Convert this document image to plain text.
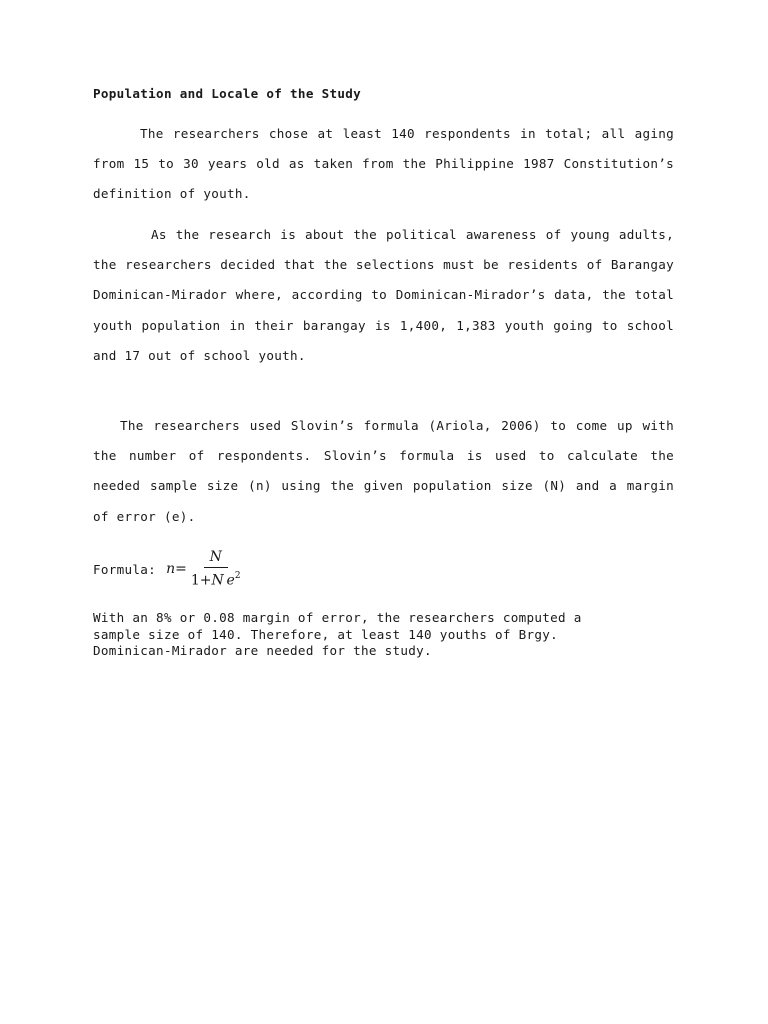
Population and Locale of the Study
The researchers chose at least 140 respondents in total; all aging from 15 to 30 years old as taken from the Philippine 1987 Constitution’s definition of youth.
As the research is about the political awareness of young adults, the researchers decided that the selections must be residents of Barangay Dominican-Mirador where, according to Dominican-Mirador’s data, the total youth population in their barangay is 1,400, 1,383 youth going to school and 17 out of school youth.
The researchers used Slovin’s formula (Ariola, 2006) to come up with the number of respondents. Slovin’s formula is used to calculate the needed sample size (n) using the given population size (N) and a margin of error (e).
Formula: $n = \frac{N}{1+N e^2}$
With an 8% or 0.08 margin of error, the researchers computed a
sample size of 140. Therefore, at least 140 youths of Brgy.
Dominican-Mirador are needed for the study.
